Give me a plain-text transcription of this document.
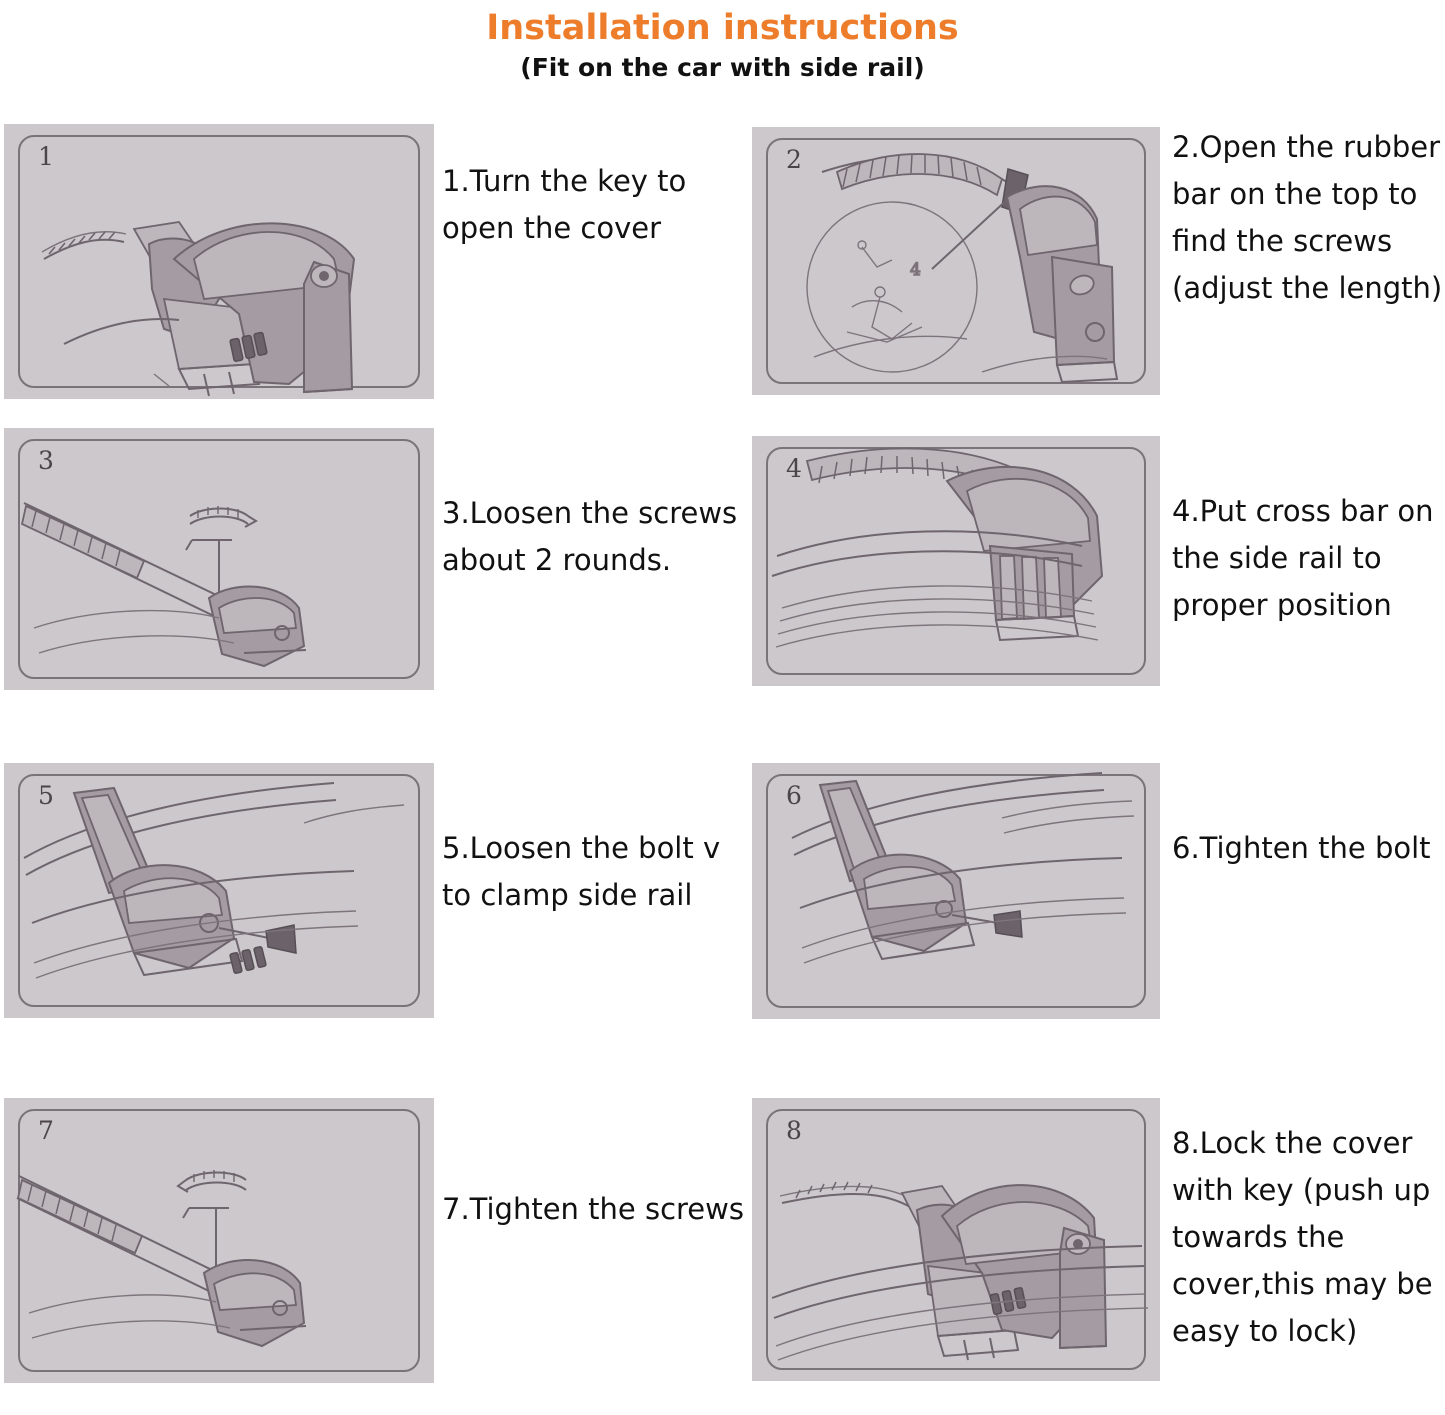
Installation instructions
(Fit on the car with side rail)
1
1.Turn the key to open the cover
2
4
2.Open the rubber bar on the top to find the screws (adjust the length)
3
3.Loosen the screws about 2 rounds.
4
4.Put cross bar on the side rail to proper position
5
5.Loosen the bolt v to clamp side rail
6
6.Tighten the bolt
7
7.Tighten the screws
8	8.Lock the cover with key (push up towards the cover,this may be easy to lock)
